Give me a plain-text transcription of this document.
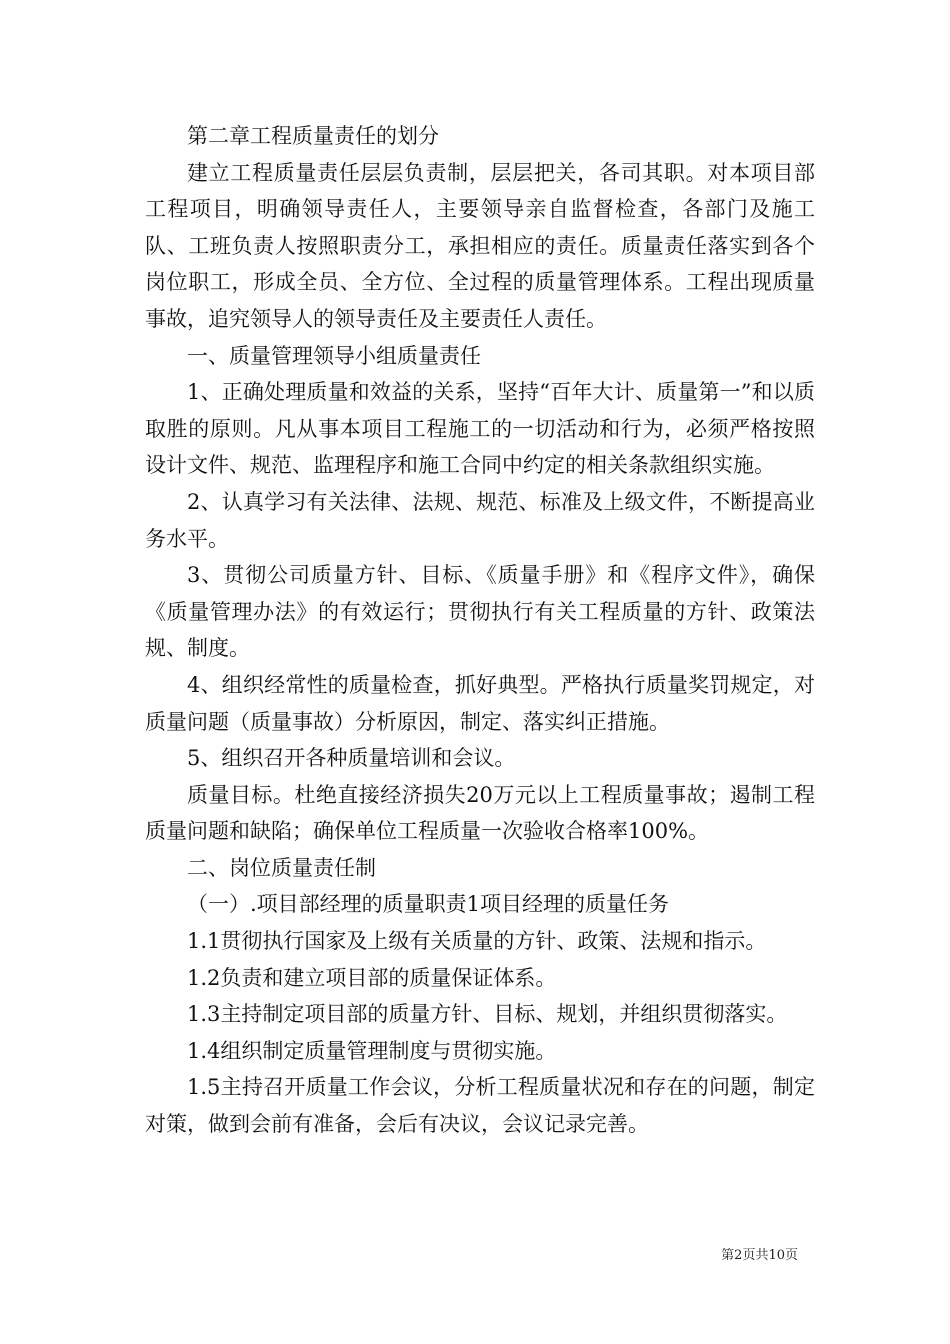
第二章工程质量责任的划分

建立工程质量责任层层负责制，层层把关，各司其职。对本项目部工程项目，明确领导责任人，主要领导亲自监督检查，各部门及施工队、工班负责人按照职责分工，承担相应的责任。质量责任落实到各个岗位职工，形成全员、全方位、全过程的质量管理体系。工程出现质量事故，追究领导人的领导责任及主要责任人责任。

一、质量管理领导小组质量责任

1、正确处理质量和效益的关系，坚持“百年大计、质量第一”和以质取胜的原则。凡从事本项目工程施工的一切活动和行为，必须严格按照设计文件、规范、监理程序和施工合同中约定的相关条款组织实施。

2、认真学习有关法律、法规、规范、标准及上级文件，不断提高业务水平。

3、贯彻公司质量方针、目标、《质量手册》和《程序文件》，确保《质量管理办法》的有效运行；贯彻执行有关工程质量的方针、政策法规、制度。

4、组织经常性的质量检查，抓好典型。严格执行质量奖罚规定，对质量问题（质量事故）分析原因，制定、落实纠正措施。

5、组织召开各种质量培训和会议。

质量目标。杜绝直接经济损失20万元以上工程质量事故；遏制工程质量问题和缺陷；确保单位工程质量一次验收合格率100%。

二、岗位质量责任制

（一）.项目部经理的质量职责1项目经理的质量任务

1.1贯彻执行国家及上级有关质量的方针、政策、法规和指示。

1.2负责和建立项目部的质量保证体系。

1.3主持制定项目部的质量方针、目标、规划，并组织贯彻落实。

1.4组织制定质量管理制度与贯彻实施。

1.5主持召开质量工作会议，分析工程质量状况和存在的问题，制定对策，做到会前有准备，会后有决议，会议记录完善。

第2页共10页
